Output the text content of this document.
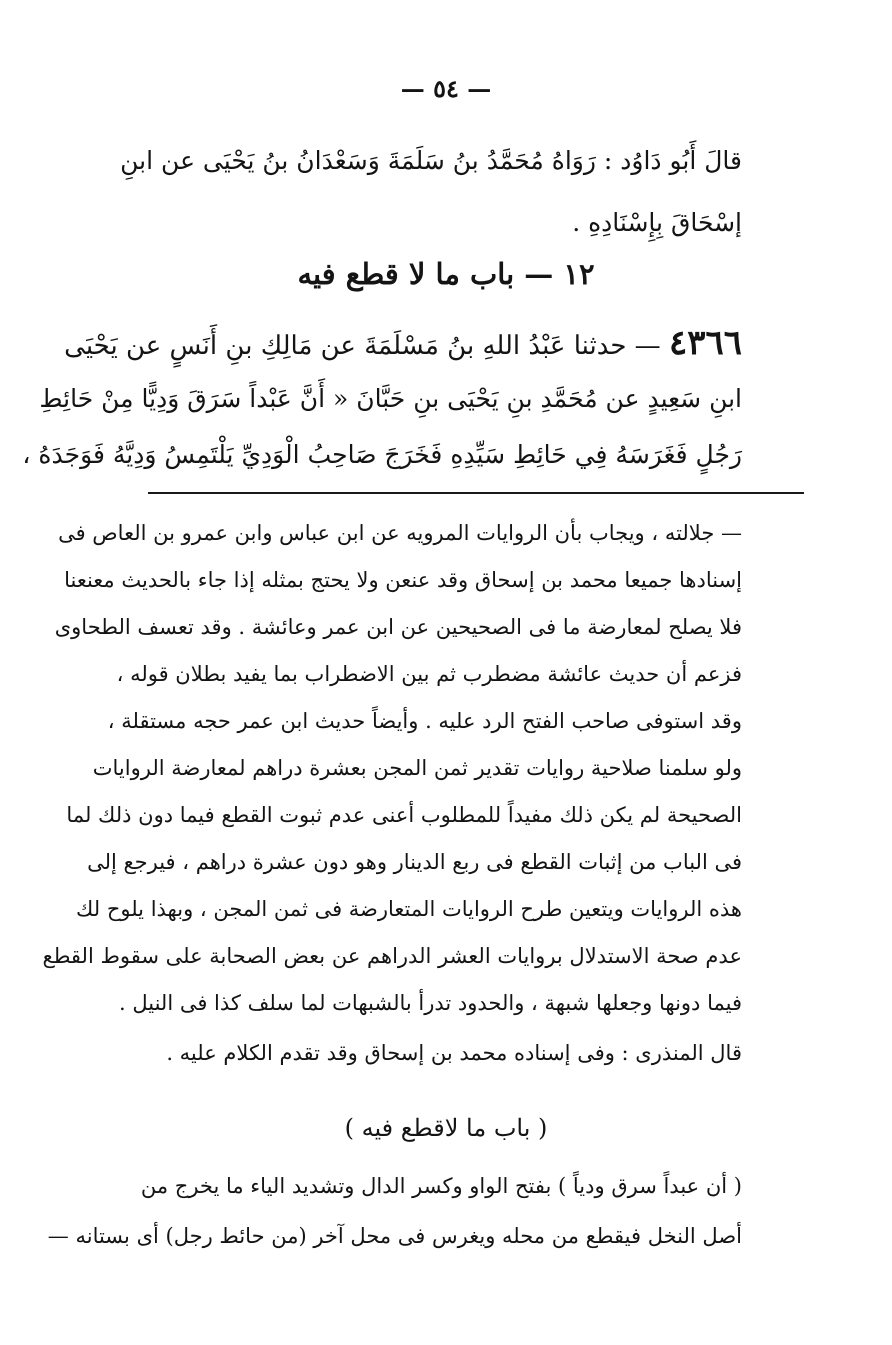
— ٥٤ —
قالَ أَبُو دَاوُد : رَوَاهُ مُحَمَّدُ بنُ سَلَمَةَ وَسَعْدَانُ بنُ يَحْيَى عن ابنِ
إسْحَاقَ بِإِسْنَادِهِ .
١٢ — باب ما لا قطع فيه
٤٣٦٦ — حدثنا عَبْدُ اللهِ بنُ مَسْلَمَةَ عن مَالِكِ بنِ أَنَسٍ عن يَحْيَى
ابنِ سَعِيدٍ عن مُحَمَّدِ بنِ يَحْيَى بنِ حَبَّانَ « أَنَّ عَبْداً سَرَقَ وَدِيًّا مِنْ حَائِطِ
رَجُلٍ فَغَرَسَهُ فِي حَائِطِ سَيِّدِهِ فَخَرَجَ صَاحِبُ الْوَدِيِّ يَلْتَمِسُ وَدِيَّهُ فَوَجَدَهُ ،
— جلالته ، ويجاب بأن الروايات المرويه عن ابن عباس وابن عمرو بن العاص فى
إسنادها جميعا محمد بن إسحاق وقد عنعن ولا يحتج بمثله إذا جاء بالحديث معنعنا
فلا يصلح لمعارضة ما فى الصحيحين عن ابن عمر وعائشة . وقد تعسف الطحاوى
فزعم أن حديث عائشة مضطرب ثم بين الاضطراب بما يفيد بطلان قوله ،
وقد استوفى صاحب الفتح الرد عليه . وأيضاً حديث ابن عمر حجه مستقلة ،
ولو سلمنا صلاحية روايات تقدير ثمن المجن بعشرة دراهم لمعارضة الروايات
الصحيحة لم يكن ذلك مفيداً للمطلوب أعنى عدم ثبوت القطع فيما دون ذلك لما
فى الباب من إثبات القطع فى ربع الدينار وهو دون عشرة دراهم ، فيرجع إلى
هذه الروايات ويتعين طرح الروايات المتعارضة فى ثمن المجن ، وبهذا يلوح لك
عدم صحة الاستدلال بروايات العشر الدراهم عن بعض الصحابة على سقوط القطع
فيما دونها وجعلها شبهة ، والحدود تدرأ بالشبهات لما سلف كذا فى النيل .
قال المنذرى : وفى إسناده محمد بن إسحاق وقد تقدم الكلام عليه .
( باب ما لاقطع فيه )
( أن عبداً سرق ودياً ) بفتح الواو وكسر الدال وتشديد الياء ما يخرج من
أصل النخل فيقطع من محله ويغرس فى محل آخر (من حائط رجل) أى بستانه —
